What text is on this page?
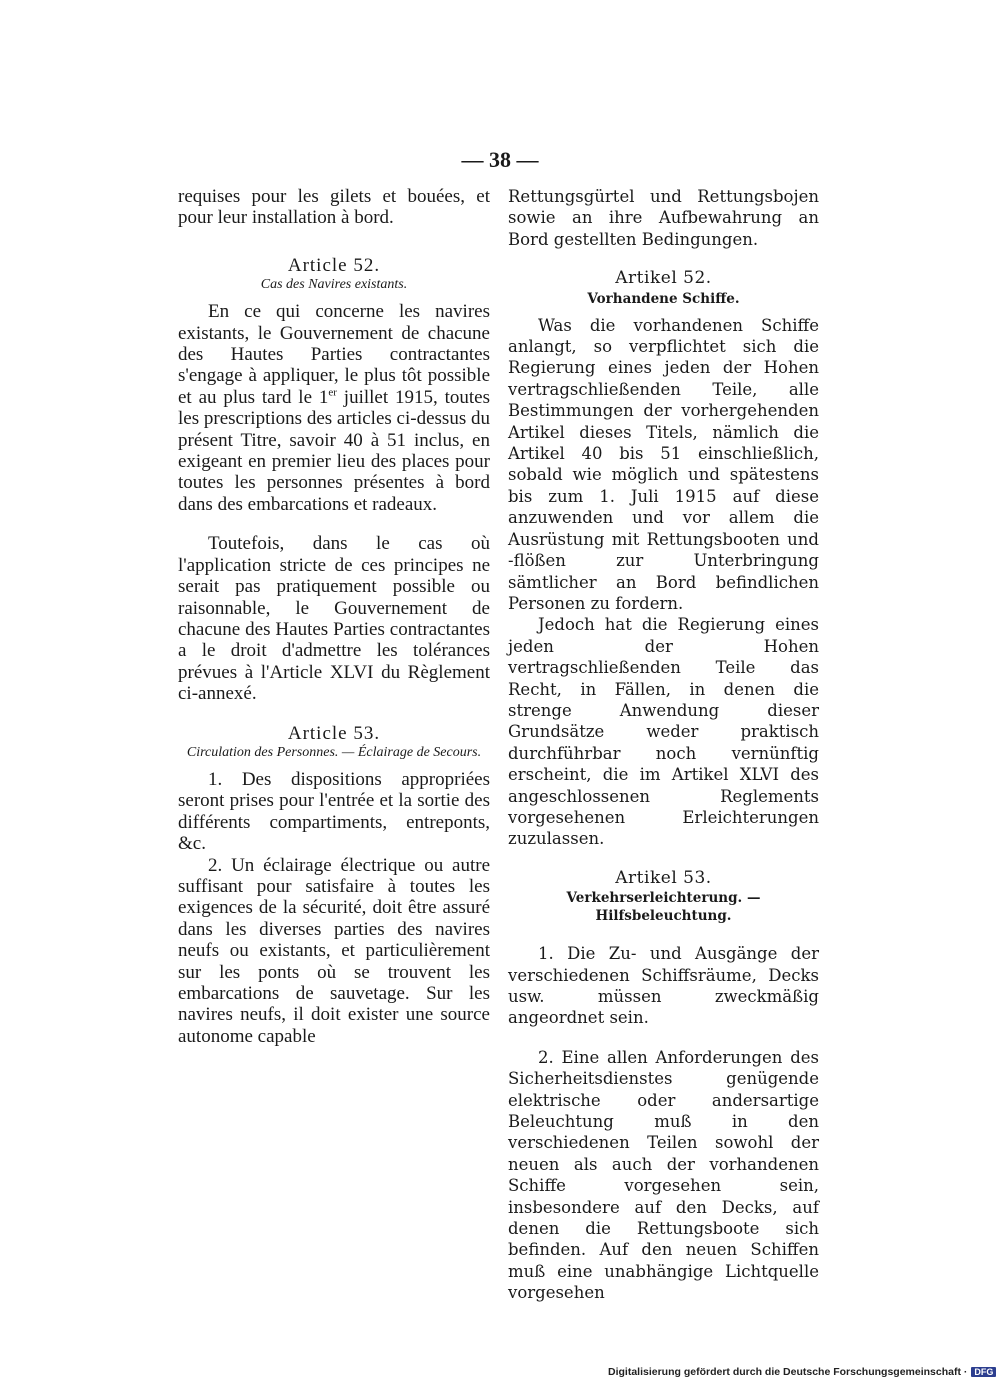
— 38 —

requises pour les gilets et bouées, et pour leur installation à bord.

Article 52.

Cas des Navires existants.

En ce qui concerne les navires existants, le Gouvernement de chacune des Hautes Parties contractantes s'engage à appliquer, le plus tôt possible et au plus tard le 1er juillet 1915, toutes les prescriptions des articles ci-dessus du présent Titre, savoir 40 à 51 inclus, en exigeant en premier lieu des places pour toutes les personnes présentes à bord dans des embarcations et radeaux.

Toutefois, dans le cas où l'application stricte de ces principes ne serait pas pratiquement possible ou raisonnable, le Gouvernement de chacune des Hautes Parties contractantes a le droit d'admettre les tolérances prévues à l'Article XLVI du Règlement ci-annexé.

Article 53.

Circulation des Personnes. — Éclairage de Secours.

1. Des dispositions appropriées seront prises pour l'entrée et la sortie des différents compartiments, entreponts, &c.

2. Un éclairage électrique ou autre suffisant pour satisfaire à toutes les exigences de la sécurité, doit être assuré dans les diverses parties des navires neufs ou existants, et particulièrement sur les ponts où se trouvent les embarcations de sauvetage. Sur les navires neufs, il doit exister une source autonome capable

Rettungsgürtel und Rettungsbojen sowie an ihre Aufbewahrung an Bord gestellten Bedingungen.

Artikel 52.

Vorhandene Schiffe.

Was die vorhandenen Schiffe anlangt, so verpflichtet sich die Regierung eines jeden der Hohen vertragschließenden Teile, alle Bestimmungen der vorhergehenden Artikel dieses Titels, nämlich die Artikel 40 bis 51 einschließlich, sobald wie möglich und spätestens bis zum 1. Juli 1915 auf diese anzuwenden und vor allem die Ausrüstung mit Rettungsbooten und -flößen zur Unterbringung sämtlicher an Bord befindlichen Personen zu fordern.

Jedoch hat die Regierung eines jeden der Hohen vertragschließenden Teile das Recht, in Fällen, in denen die strenge Anwendung dieser Grundsätze weder praktisch durchführbar noch vernünftig erscheint, die im Artikel XLVI des angeschlossenen Reglements vorgesehenen Erleichterungen zuzulassen.

Artikel 53.

Verkehrserleichterung. — Hilfsbeleuchtung.

1. Die Zu- und Ausgänge der verschiedenen Schiffsräume, Decks usw. müssen zweckmäßig angeordnet sein.

2. Eine allen Anforderungen des Sicherheitsdienstes genügende elektrische oder andersartige Beleuchtung muß in den verschiedenen Teilen sowohl der neuen als auch der vorhandenen Schiffe vorgesehen sein, insbesondere auf den Decks, auf denen die Rettungsboote sich befinden. Auf den neuen Schiffen muß eine unabhängige Lichtquelle vorgesehen

Digitalisierung gefördert durch die Deutsche Forschungsgemeinschaft · DFG
